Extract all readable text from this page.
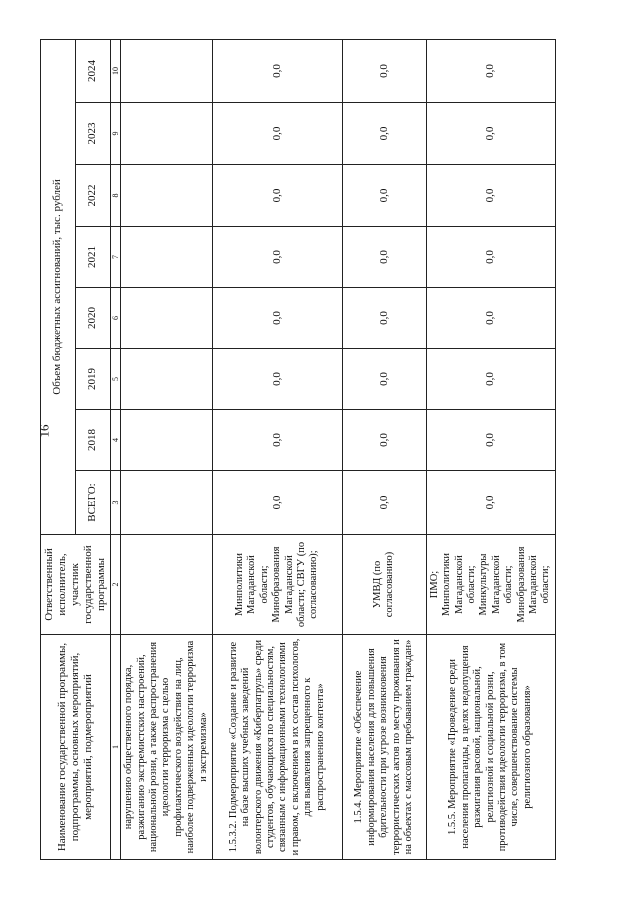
16
Наименование государственной программы, подпрограммы, основных мероприятий, мероприятий, подмероприятий	Ответственный исполнитель, участник государственной программы	Объем бюджетных ассигнований, тыс. рублей							
		ВСЕГО:	2018	2019	2020	2021	2022	2023	2024
1	2	3	4	5	6	7	8	9	10
нарушению общественного порядка, разжиганию экстремистских настроений, национальной розни, а также распространения идеологии терроризма с целью профилактического воздействия на лиц, наиболее подверженных идеологии терроризма и экстремизма»									
1.5.3.2. Подмероприятие «Создание и развитие на базе высших учебных заведений волонтерского движения «Киберпатруль» среди студентов, обучающихся по специальностям, связанным с информационными технологиями и правом, с включением в их состав психологов, для выявления запрещенного к распространению контента»	Минполитики Магаданской области; Минобразования Магаданской области; СВГУ (по согласованию);	0,0	0,0	0,0	0,0	0,0	0,0	0,0	0,0
1.5.4. Мероприятие «Обеспечение информирования населения для повышения бдительности при угрозе возникновения террористических актов по месту проживания и на объектах с массовым пребыванием граждан»	УМВД (по согласованию)	0,0	0,0	0,0	0,0	0,0	0,0	0,0	0,0
1.5.5. Мероприятие «Проведение среди населения пропаганды, в целях недопущения разжигания расовой, национальной, религиозной и социальной розни, противодействия идеологии терроризма, в том числе, совершенствование системы религиозного образования»	ПМО; Минполитики Магаданской области; Минкультуры Магаданской области; Минобразования Магаданской области;	0,0	0,0	0,0	0,0	0,0	0,0	0,0	0,0
